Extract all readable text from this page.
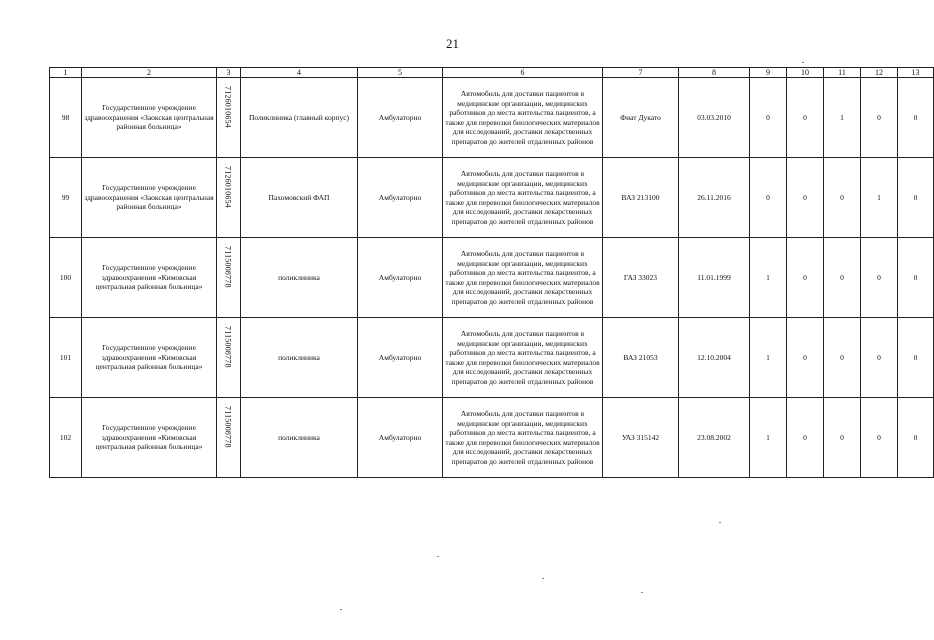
21
1	2	3	4	5	6	7	8	9	10	11	12	13
98	Государственное учреждение здравоохранения «Заокская центральная районная больница»	7126010654	Поликлиника (главный корпус)	Амбулаторно	Автомобиль для доставки пациентов в медицинские организации, медицинских работников до места жительства пациентов, а также для перевозки биологических материалов для исследований, доставки лекарственных препаратов до жителей отдаленных районов	Фиат Дукато	03.03.2010	0	0	1	0	0
99	Государственное учреждение здравоохранения «Заокская центральная районная больница»	7126010654	Пахомовский ФАП	Амбулаторно	Автомобиль для доставки пациентов в медицинские организации, медицинских работников до места жительства пациентов, а также для перевозки биологических материалов для исследований, доставки лекарственных препаратов до жителей отдаленных районов	ВАЗ 213100	26.11.2016	0	0	0	1	0
100	Государственное учреждение здравоохранения «Кимовская центральная районная больница»	7115008778	поликлиника	Амбулаторно	Автомобиль для доставки пациентов в медицинские организации, медицинских работников до места жительства пациентов, а также для перевозки биологических материалов для исследований, доставки лекарственных препаратов до жителей отдаленных районов	ГАЗ 33023	11.01.1999	1	0	0	0	0
101	Государственное учреждение здравоохранения «Кимовская центральная районная больница»	7115008778	поликлиника	Амбулаторно	Автомобиль для доставки пациентов в медицинские организации, медицинских работников до места жительства пациентов, а также для перевозки биологических материалов для исследований, доставки лекарственных препаратов до жителей отдаленных районов	ВАЗ 21053	12.10.2004	1	0	0	0	0
102	Государственное учреждение здравоохранения «Кимовская центральная районная больница»	7115008778	поликлиника	Амбулаторно	Автомобиль для доставки пациентов в медицинские организации, медицинских работников до места жительства пациентов, а также для перевозки биологических материалов для исследований, доставки лекарственных препаратов до жителей отдаленных районов	УАЗ 315142	23.08.2002	1	0	0	0	0
